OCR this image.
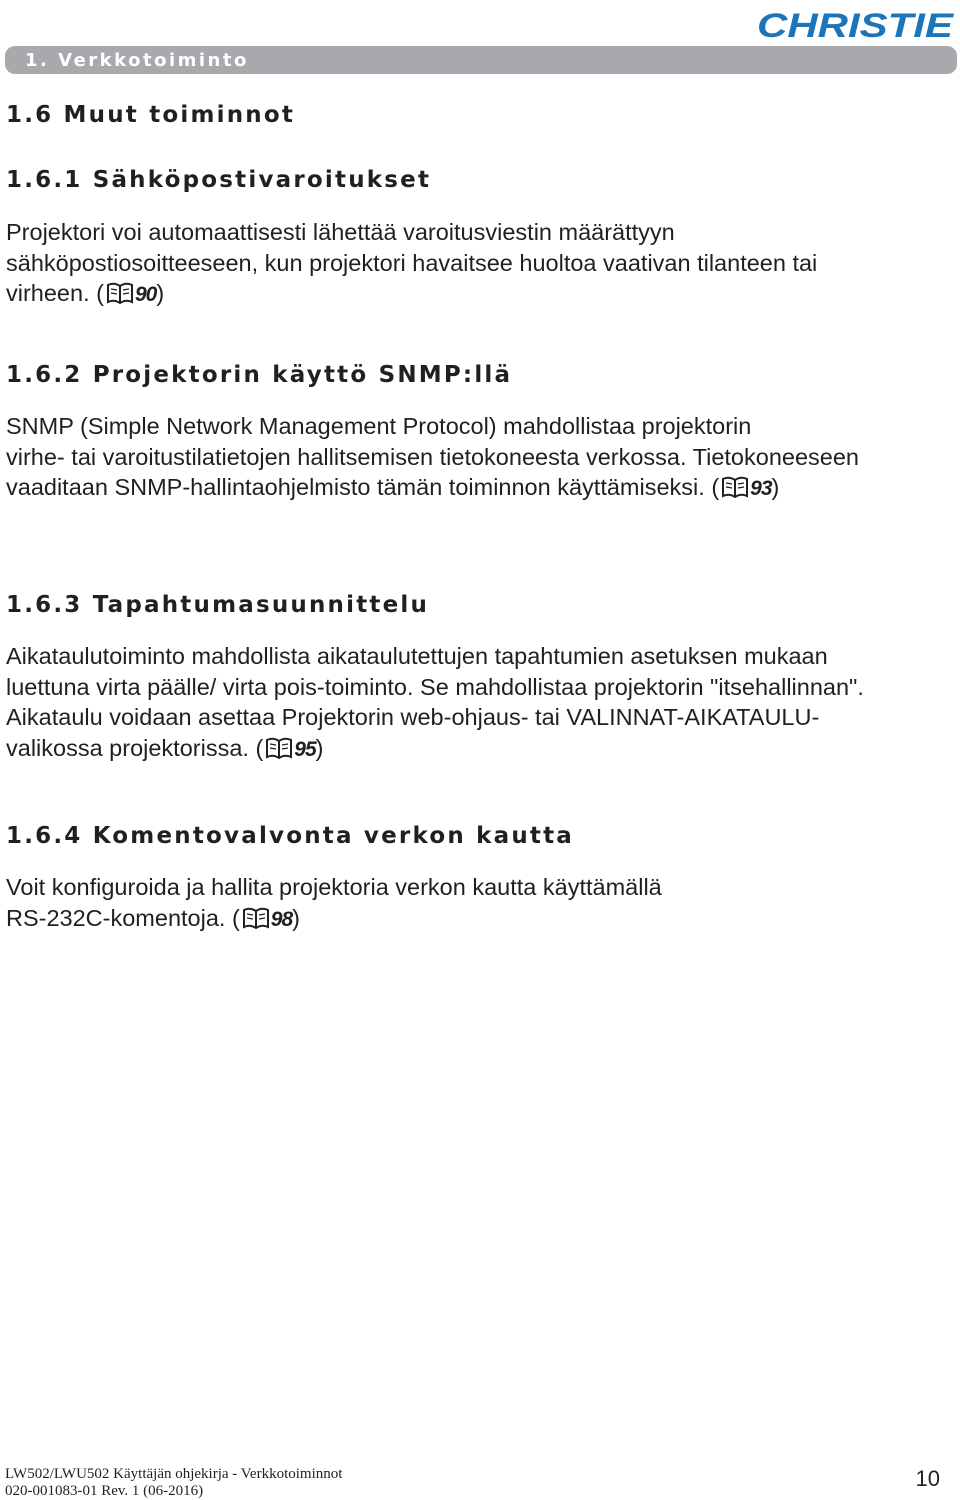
CHRISTIE
1. Verkkotoiminto
1.6 Muut toiminnot
1.6.1 Sähköpostivaroitukset
Projektori voi automaattisesti lähettää varoitusviestin määrättyyn
sähköpostiosoitteeseen, kun projektori havaitsee huoltoa vaativan tilanteen tai
virheen. ( 90)
1.6.2 Projektorin käyttö SNMP:llä
SNMP (Simple Network Management Protocol) mahdollistaa projektorin
virhe- tai varoitustilatietojen hallitsemisen tietokoneesta verkossa. Tietokoneeseen
vaaditaan SNMP-hallintaohjelmisto tämän toiminnon käyttämiseksi. ( 93)
1.6.3 Tapahtumasuunnittelu
Aikataulutoiminto mahdollista aikataulutettujen tapahtumien asetuksen mukaan
luettuna virta päälle/ virta pois-toiminto. Se mahdollistaa projektorin "itsehallinnan".
Aikataulu voidaan asettaa Projektorin web-ohjaus- tai VALINNAT-AIKATAULU-
valikossa projektorissa. ( 95)
1.6.4 Komentovalvonta verkon kautta
Voit konfiguroida ja hallita projektoria verkon kautta käyttämällä
RS-232C-komentoja. ( 98)
LW502/LWU502 Käyttäjän ohjekirja - Verkkotoiminnot
020-001083-01 Rev. 1 (06-2016)	10
